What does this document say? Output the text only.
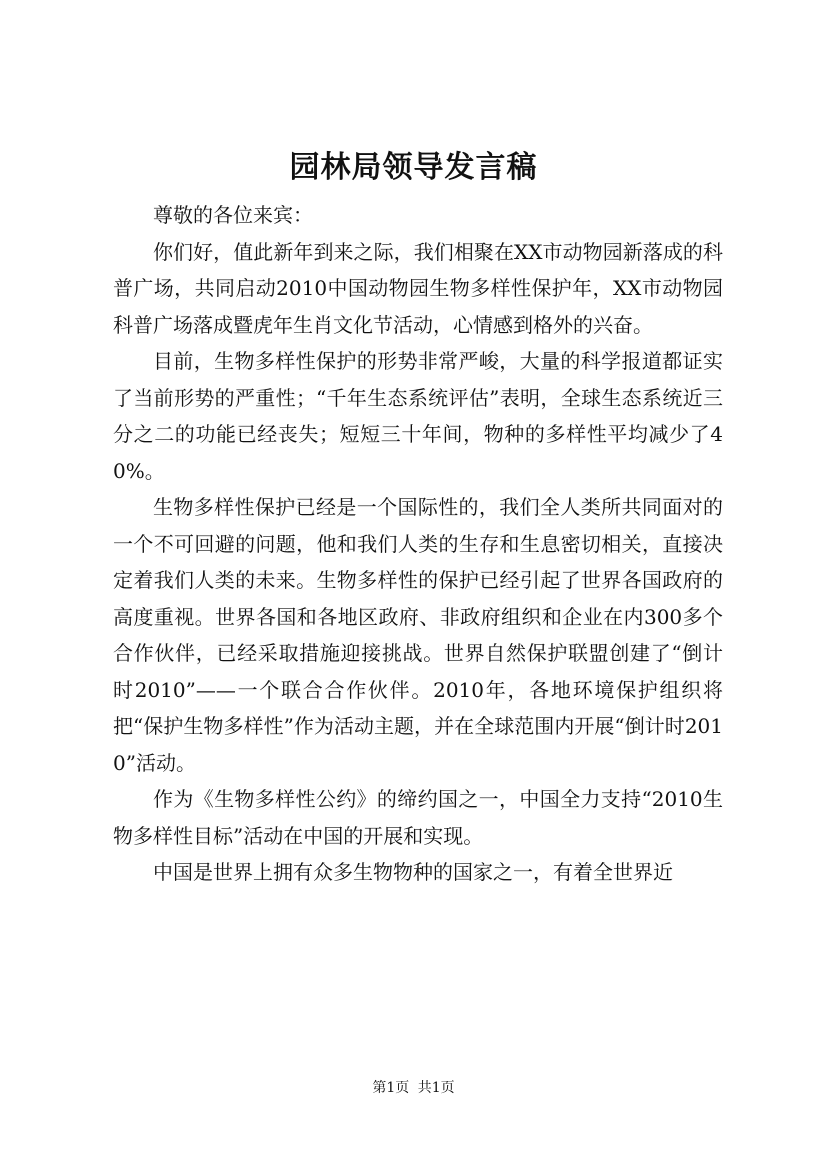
园林局领导发言稿

尊敬的各位来宾：

你们好，值此新年到来之际，我们相聚在XX市动物园新落成的科普广场，共同启动2010中国动物园生物多样性保护年，XX市动物园科普广场落成暨虎年生肖文化节活动，心情感到格外的兴奋。

目前，生物多样性保护的形势非常严峻，大量的科学报道都证实了当前形势的严重性；“千年生态系统评估”表明，全球生态系统近三分之二的功能已经丧失；短短三十年间，物种的多样性平均减少了40%。

生物多样性保护已经是一个国际性的，我们全人类所共同面对的一个不可回避的问题，他和我们人类的生存和生息密切相关，直接决定着我们人类的未来。生物多样性的保护已经引起了世界各国政府的高度重视。世界各国和各地区政府、非政府组织和企业在内300多个合作伙伴，已经采取措施迎接挑战。世界自然保护联盟创建了“倒计时2010”——一个联合合作伙伴。2010年，各地环境保护组织将把“保护生物多样性”作为活动主题，并在全球范围内开展“倒计时2010”活动。

作为《生物多样性公约》的缔约国之一，中国全力支持“2010生物多样性目标”活动在中国的开展和实现。

中国是世界上拥有众多生物物种的国家之一，有着全世界近

第1页 共1页
